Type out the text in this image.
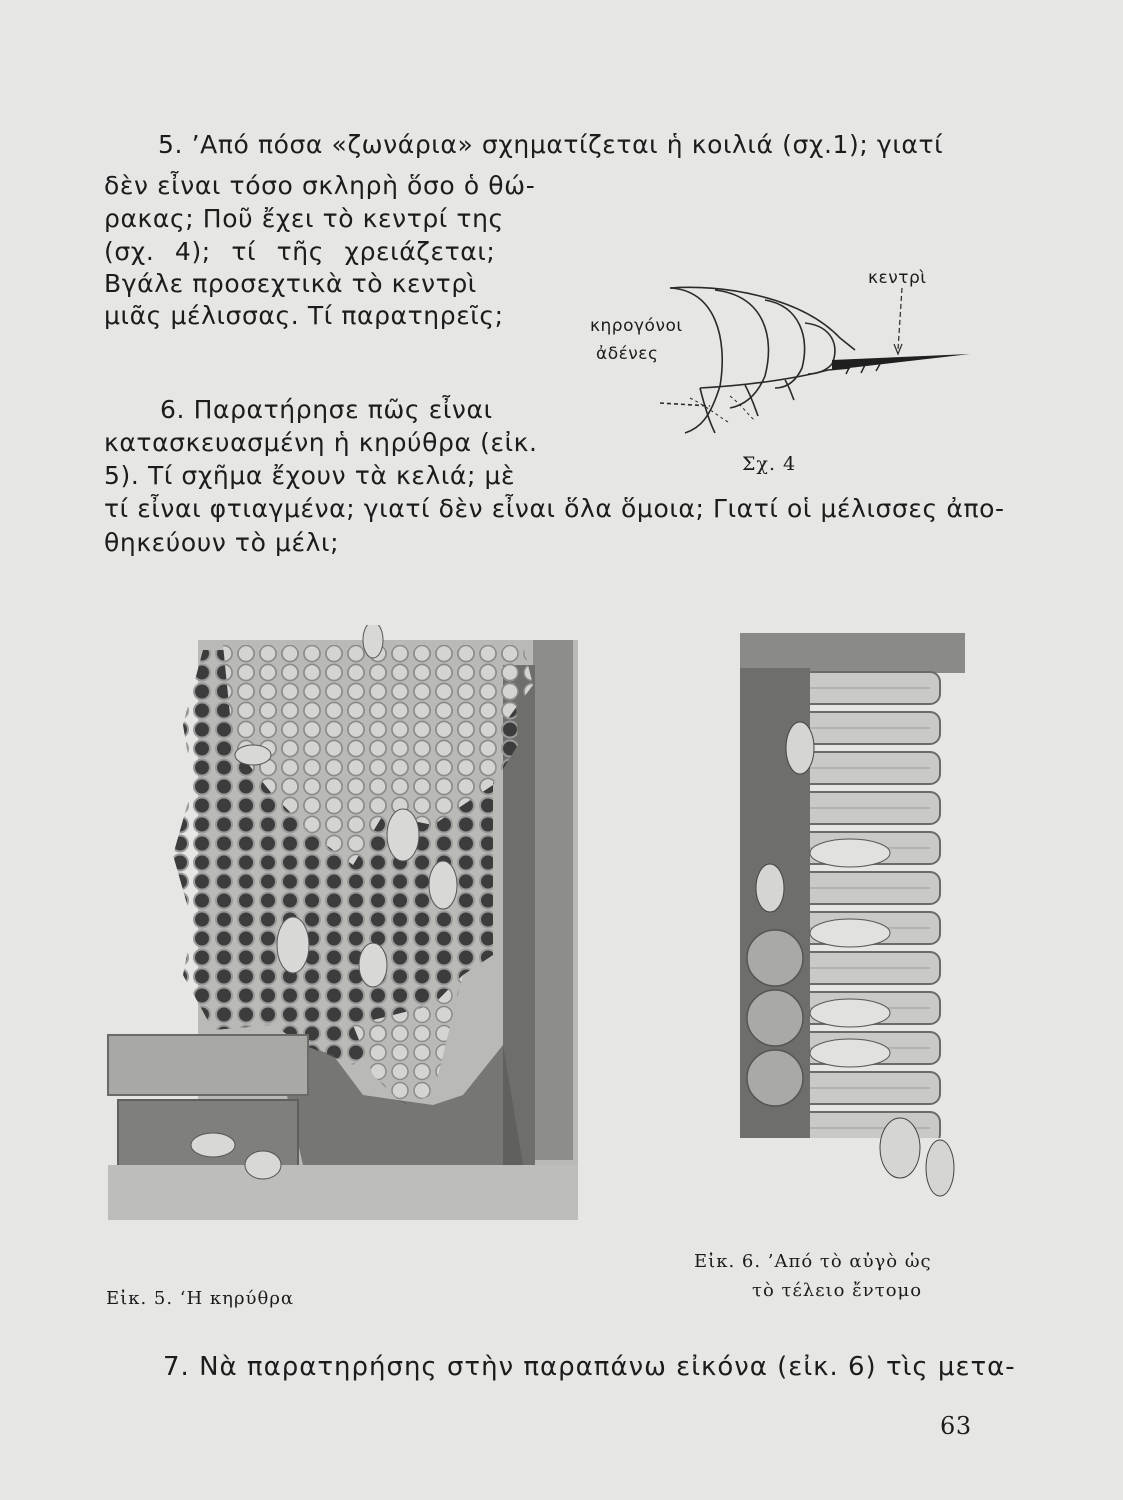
5. ’Από πόσα «ζωνάρια» σχηματίζεται ἡ κοιλιά (σχ.1); γιατί
δὲν εἶναι τόσο σκληρὴ ὅσο ὁ θώ-
ρακας; Ποῦ ἔχει τὸ κεντρί της
(σχ. 4); τί τῆς χρειάζεται;
Βγάλε προσεχτικὰ τὸ κεντρὶ
μιᾶς μέλισσας. Τί παρατηρεῖς;
κεντρὶ
κηρογόνοι
ἀδένες
Σχ. 4
6. Παρατήρησε πῶς εἶναι
κατασκευασμένη ἡ κηρύθρα (εἰκ.
5). Τί σχῆμα ἔχουν τὰ κελιά; μὲ
τί εἶναι φτιαγμένα; γιατί δὲν εἶναι ὅλα ὅμοια; Γιατί οἱ μέλισσες ἀπο-
θηκεύουν τὸ μέλι;
Εἰκ. 5. ‘Η κηρύθρα
Εἰκ. 6. ’Από τὸ αὐγὸ ὡς
τὸ τέλειο ἔντομο
7. Νὰ παρατηρήσης στὴν παραπάνω εἰκόνα (εἰκ. 6) τὶς μετα-
63
